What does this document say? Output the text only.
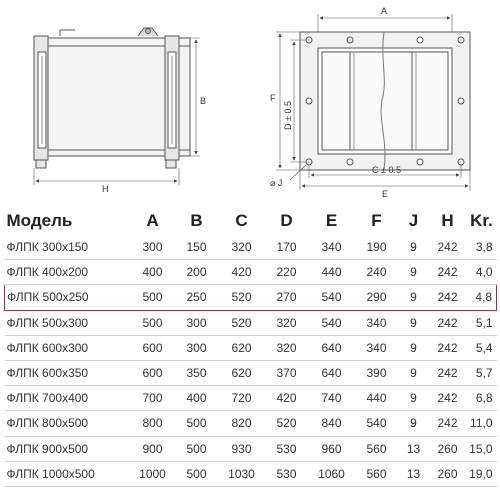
B
H
A
C ± 0.5
E
F
D ± 0.5
⌀ J
Модель	A	B	C	D	E	F	J	H	Kr.
ФЛПК 300x150	300	150	320	170	340	190	9	242	3,8
ФЛПК 400x200	400	200	420	220	440	240	9	242	4,0
ФЛПК 500x250	500	250	520	270	540	290	9	242	4,8
ФЛПК 500x300	500	300	520	320	540	340	9	242	5,1
ФЛПК 600x300	600	300	620	320	640	340	9	242	5,4
ФЛПК 600x350	600	350	620	370	640	390	9	242	5,7
ФЛПК 700x400	700	400	720	420	740	440	9	242	6,8
ФЛПК 800x500	800	500	820	520	840	540	9	242	11,0
ФЛПК 900x500	900	500	930	530	960	560	13	260	15,0
ФЛПК 1000x500	1000	500	1030	530	1060	560	13	260	19,0
